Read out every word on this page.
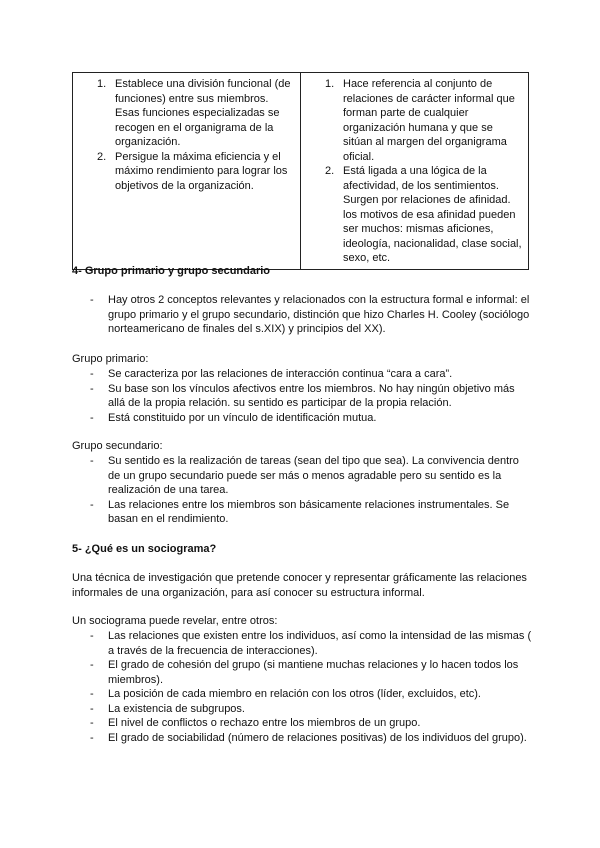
1. Establece una división funcional (de funciones) entre sus miembros. Esas funciones especializadas se recogen en el organigrama de la organización.
2. Persigue la máxima eficiencia y el máximo rendimiento para lograr los objetivos de la organización.

1. Hace referencia al conjunto de relaciones de carácter informal que forman parte de cualquier organización humana y que se sitúan al margen del organigrama oficial.
2. Está ligada a una lógica de la afectividad, de los sentimientos. Surgen por relaciones de afinidad. los motivos de esa afinidad pueden ser muchos: mismas aficiones, ideología, nacionalidad, clase social, sexo, etc.

4- Grupo primario y grupo secundario

- Hay otros 2 conceptos relevantes y relacionados con la estructura formal e informal: el grupo primario y el grupo secundario, distinción que hizo Charles H. Cooley (sociólogo norteamericano de finales del s.XIX) y principios del XX).

Grupo primario:

- Se caracteriza por las relaciones de interacción continua “cara a cara”.
- Su base son los vínculos afectivos entre los miembros. No hay ningún objetivo más allá de la propia relación. su sentido es participar de la propia relación.
- Está constituido por un vínculo de identificación mutua.

Grupo secundario:

- Su sentido es la realización de tareas (sean del tipo que sea). La convivencia dentro de un grupo secundario puede ser más o menos agradable pero su sentido es la realización de una tarea.
- Las relaciones entre los miembros son básicamente relaciones instrumentales. Se basan en el rendimiento.

5- ¿Qué es un sociograma?

Una técnica de investigación que pretende conocer y representar gráficamente las relaciones informales de una organización, para así conocer su estructura informal.

Un sociograma puede revelar, entre otros:

- Las relaciones que existen entre los individuos, así como la intensidad de las mismas ( a través de la frecuencia de interacciones).
- El grado de cohesión del grupo (si mantiene muchas relaciones y lo hacen todos los miembros).
- La posición de cada miembro en relación con los otros (líder, excluidos, etc).
- La existencia de subgrupos.
- El nivel de conflictos o rechazo entre los miembros de un grupo.
- El grado de sociabilidad (número de relaciones positivas) de los individuos del grupo).
